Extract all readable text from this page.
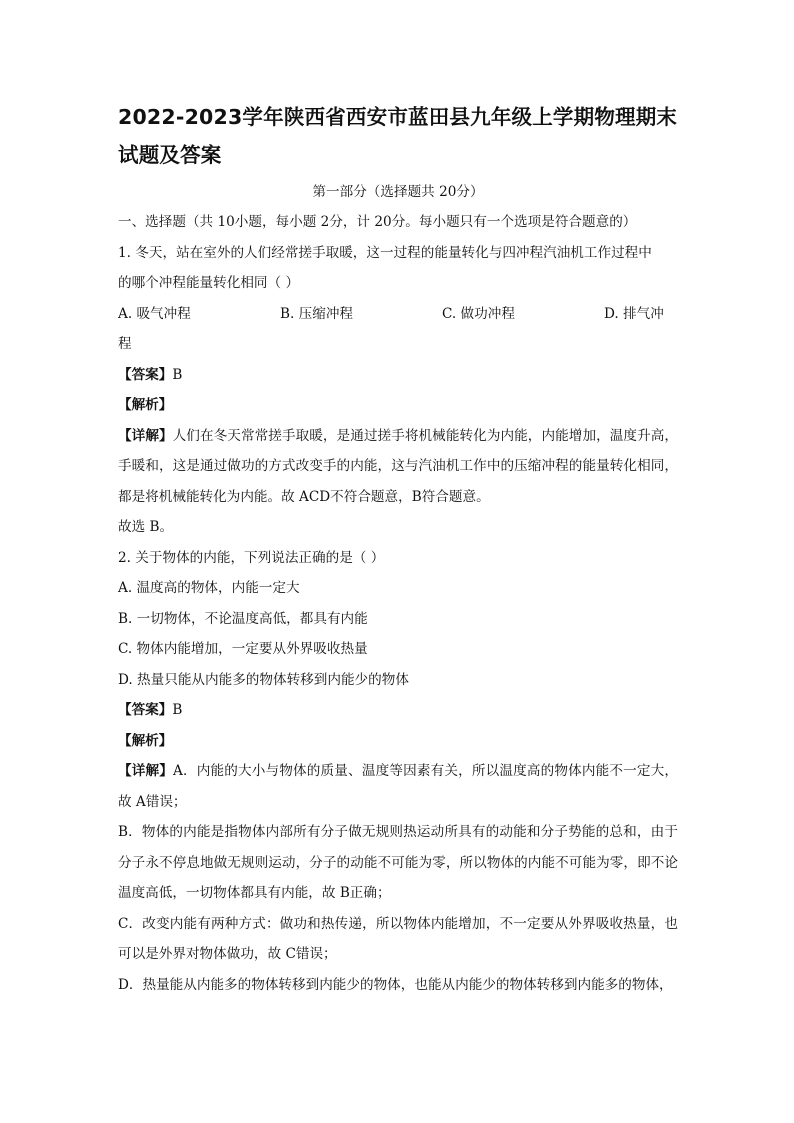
2022-2023学年陕西省西安市蓝田县九年级上学期物理期末
试题及答案

第一部分（选择题共 20分）

一、选择题（共 10小题，每小题 2分，计 20分。每小题只有一个选项是符合题意的）

1. 冬天，站在室外的人们经常搓手取暖，这一过程的能量转化与四冲程汽油机工作过程中

的哪个冲程能量转化相同（ ）

A. 吸气冲程	B. 压缩冲程	C. 做功冲程	D. 排气冲

程

【答案】B

【解析】

【详解】人们在冬天常常搓手取暖，是通过搓手将机械能转化为内能，内能增加，温度升高，手暖和，这是通过做功的方式改变手的内能，这与汽油机工作中的压缩冲程的能量转化相同，都是将机械能转化为内能。故 ACD不符合题意，B符合题意。

故选 B。

2. 关于物体的内能，下列说法正确的是（ ）

A. 温度高的物体，内能一定大

B. 一切物体，不论温度高低，都具有内能

C. 物体内能增加，一定要从外界吸收热量

D. 热量只能从内能多的物体转移到内能少的物体

【答案】B

【解析】

【详解】A．内能的大小与物体的质量、温度等因素有关，所以温度高的物体内能不一定大，故 A错误；

B．物体的内能是指物体内部所有分子做无规则热运动所具有的动能和分子势能的总和，由于分子永不停息地做无规则运动，分子的动能不可能为零，所以物体的内能不可能为零，即不论温度高低，一切物体都具有内能，故 B正确；

C．改变内能有两种方式：做功和热传递，所以物体内能增加，不一定要从外界吸收热量，也可以是外界对物体做功，故 C错误；

D．热量能从内能多的物体转移到内能少的物体，也能从内能少的物体转移到内能多的物体，
